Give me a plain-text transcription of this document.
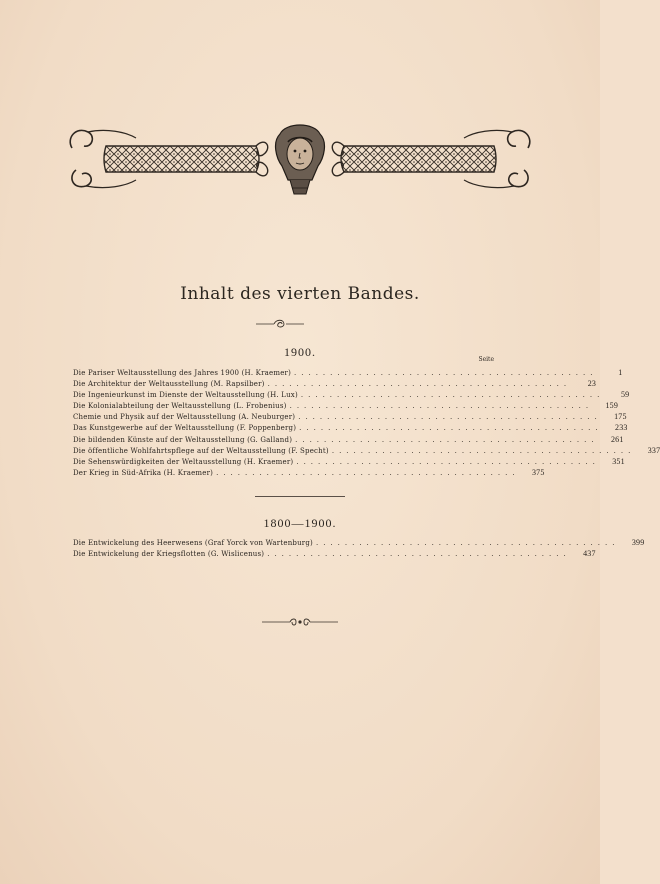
Inhalt des vierten Bandes.
1900.
Seite
Die Pariser Weltausstellung des Jahres 1900 (H. Kraemer) ..........................................	1
Die Architektur der Weltausstellung (M. Rapsilber) ..........................................	23
Die Ingenieurkunst im Dienste der Weltausstellung (H. Lux) ..........................................	59
Die Kolonialabteilung der Weltausstellung (L. Frobenius) ..........................................	159
Chemie und Physik auf der Weltausstellung (A. Neuburger) ..........................................	175
Das Kunstgewerbe auf der Weltausstellung (F. Poppenberg) ..........................................	233
Die bildenden Künste auf der Weltausstellung (G. Galland) ..........................................	261
Die öffentliche Wohlfahrtspflege auf der Weltausstellung (F. Specht) ..........................................	337
Die Sehenswürdigkeiten der Weltausstellung (H. Kraemer) ..........................................	351
Der Krieg in Süd-Afrika (H. Kraemer) ..........................................	375
1800—1900.
Die Entwickelung des Heerwesens (Graf Yorck von Wartenburg) ..........................................	399
Die Entwickelung der Kriegsflotten (G. Wislicenus) ..........................................	437
